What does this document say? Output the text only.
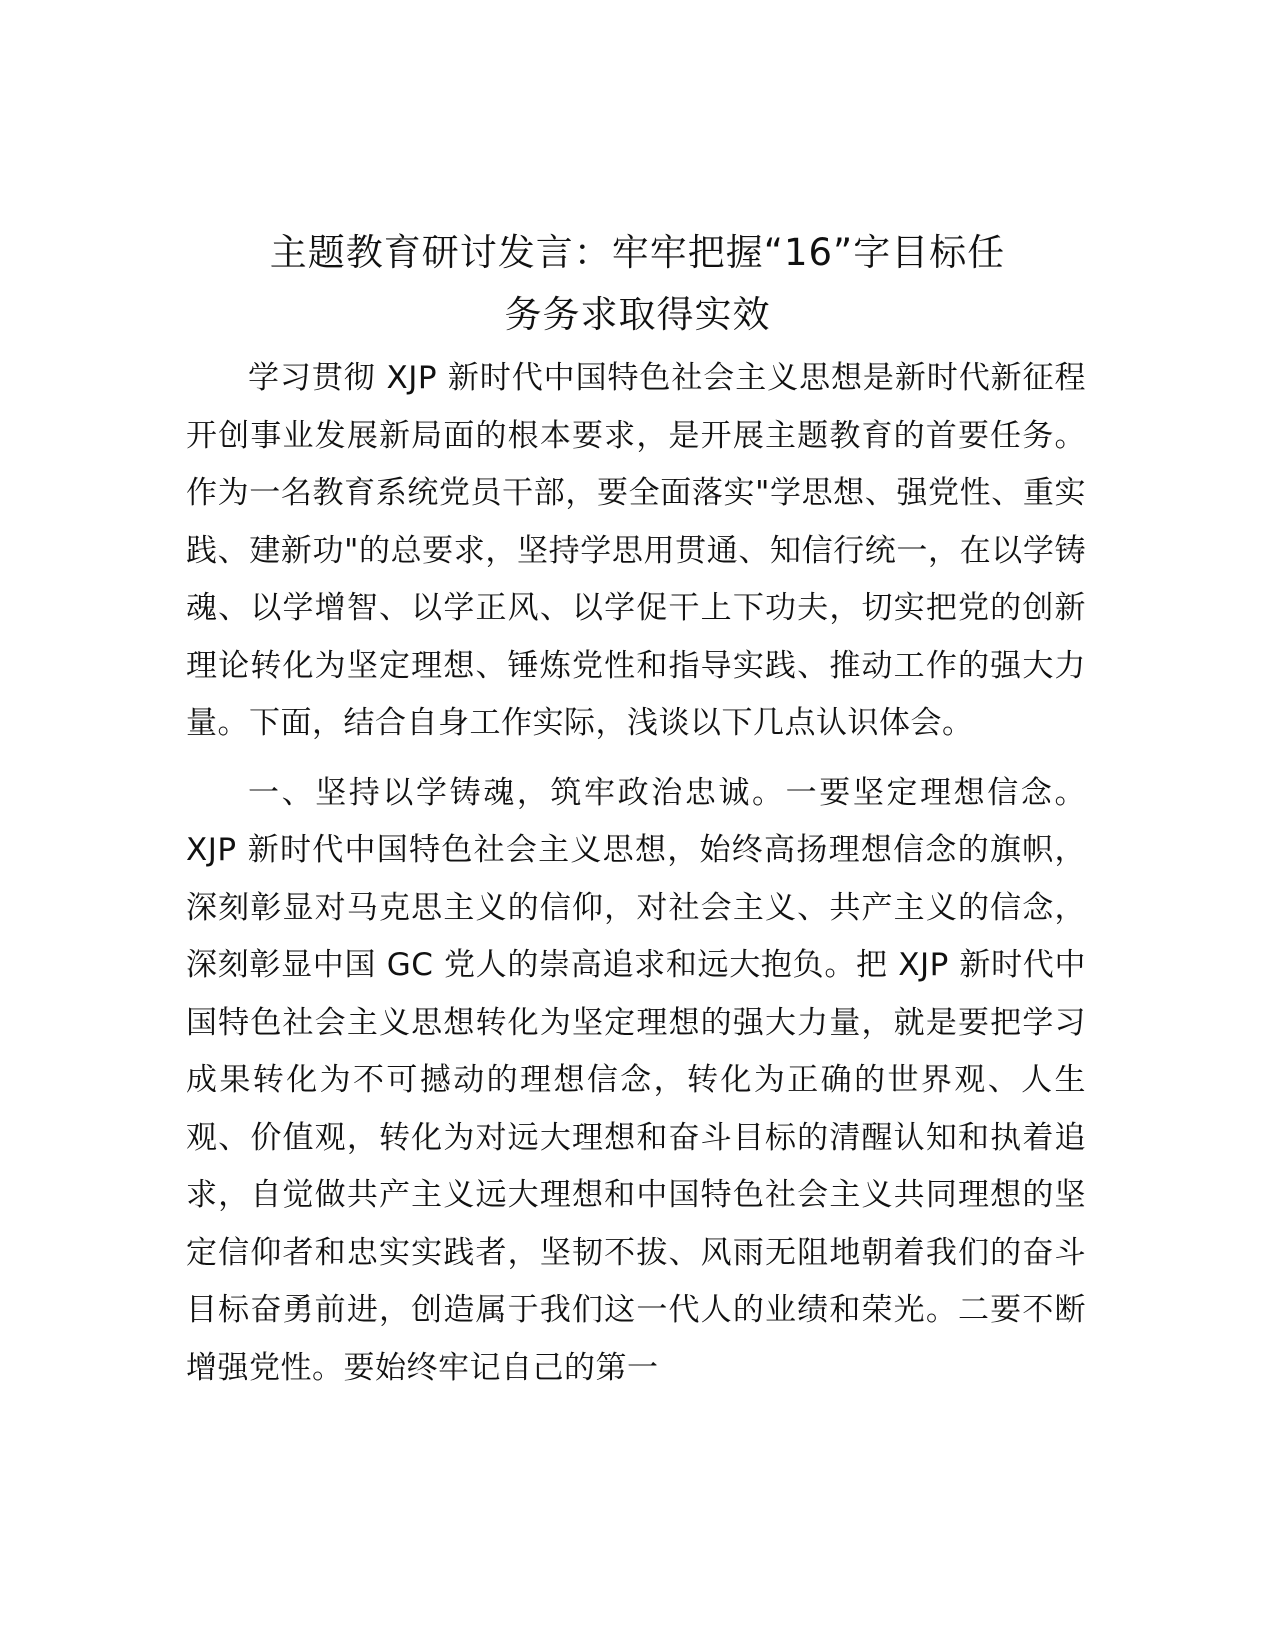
主题教育研讨发言：牢牢把握“16”字目标任
务务求取得实效

学习贯彻 XJP 新时代中国特色社会主义思想是新时代新征程开创事业发展新局面的根本要求，是开展主题教育的首要任务。作为一名教育系统党员干部，要全面落实"学思想、强党性、重实践、建新功"的总要求，坚持学思用贯通、知信行统一，在以学铸魂、以学增智、以学正风、以学促干上下功夫，切实把党的创新理论转化为坚定理想、锤炼党性和指导实践、推动工作的强大力量。下面，结合自身工作实际，浅谈以下几点认识体会。

一、坚持以学铸魂，筑牢政治忠诚。一要坚定理想信念。XJP 新时代中国特色社会主义思想，始终高扬理想信念的旗帜，深刻彰显对马克思主义的信仰，对社会主义、共产主义的信念，深刻彰显中国 GC 党人的崇高追求和远大抱负。把 XJP 新时代中国特色社会主义思想转化为坚定理想的强大力量，就是要把学习成果转化为不可撼动的理想信念，转化为正确的世界观、人生观、价值观，转化为对远大理想和奋斗目标的清醒认知和执着追求，自觉做共产主义远大理想和中国特色社会主义共同理想的坚定信仰者和忠实实践者，坚韧不拔、风雨无阻地朝着我们的奋斗目标奋勇前进，创造属于我们这一代人的业绩和荣光。二要不断增强党性。要始终牢记自己的第一
